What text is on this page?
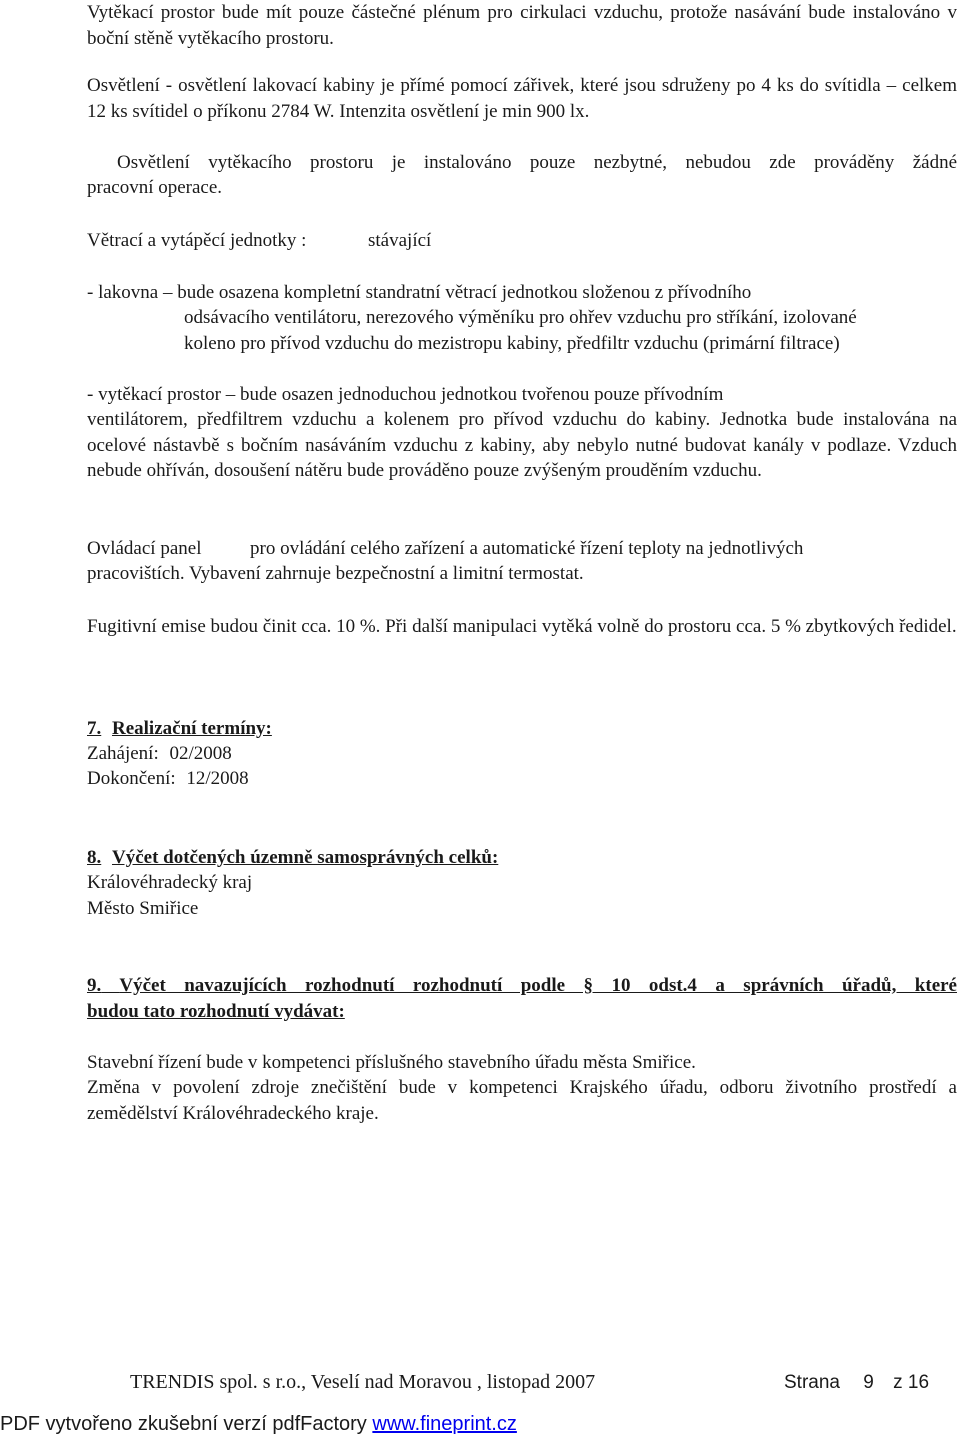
Vytěkací prostor bude mít pouze částečné plénum pro cirkulaci vzduchu, protože nasávání bude instalováno v boční stěně vytěkacího prostoru.
Osvětlení - osvětlení lakovací kabiny je přímé pomocí zářivek, které jsou sdruženy po 4 ks do svítidla – celkem 12 ks svítidel o příkonu 2784 W. Intenzita osvětlení je min 900 lx.
Osvětlení vytěkacího prostoru je instalováno pouze nezbytné, nebudou zde prováděny žádné
pracovní operace.
Větrací a vytápěcí jednotky :	stávající
- lakovna – bude osazena kompletní standratní větrací jednotkou složenou z přívodního
odsávacího ventilátoru, nerezového výměníku pro ohřev vzduchu pro stříkání, izolované koleno pro přívod vzduchu do mezistropu kabiny, předfiltr vzduchu (primární filtrace)
- vytěkací prostor – bude osazen jednoduchou jednotkou tvořenou pouze přívodním
ventilátorem, předfiltrem vzduchu a kolenem pro přívod vzduchu do kabiny. Jednotka bude instalována na ocelové nástavbě s bočním nasáváním vzduchu z kabiny, aby nebylo nutné budovat kanály v podlaze. Vzduch nebude ohříván, dosoušení nátěru bude prováděno pouze zvýšeným prouděním vzduchu.
Ovládací panel	pro ovládání celého zařízení a automatické řízení teploty na jednotlivých
pracovištích. Vybavení zahrnuje bezpečnostní a limitní termostat.
Fugitivní emise budou činit cca. 10 %. Při další manipulaci vytěká volně do prostoru cca. 5 % zbytkových ředidel.
7. Realizační termíny:
Zahájení: 02/2008
Dokončení: 12/2008
8. Výčet dotčených územně samosprávných celků:
Královéhradecký kraj
Město Smiřice
9. Výčet navazujících rozhodnutí rozhodnutí podle § 10 odst.4 a správních úřadů, které
budou tato rozhodnutí vydávat:
Stavební řízení bude v kompetenci příslušného stavebního úřadu města Smiřice.
Změna v povolení zdroje znečištění bude v kompetenci Krajského úřadu, odboru životního prostředí a zemědělství Královéhradeckého kraje.
TRENDIS spol. s r.o., Veselí nad Moravou , listopad 2007	Strana 9 z 16
PDF vytvořeno zkušební verzí pdfFactory www.fineprint.cz
